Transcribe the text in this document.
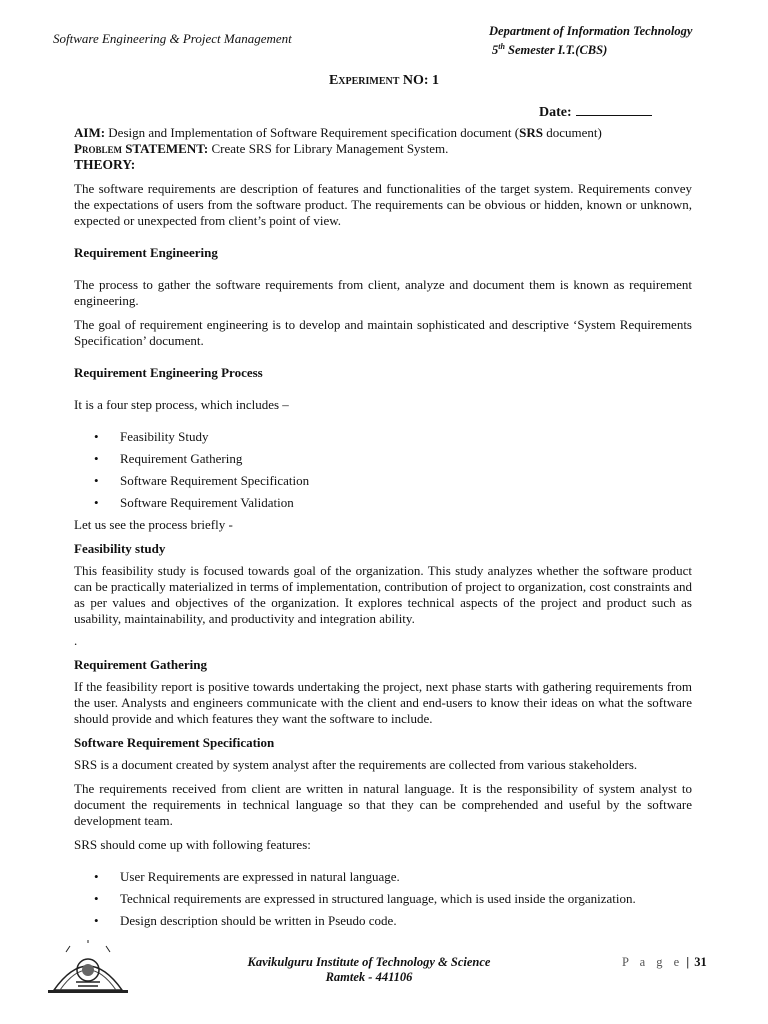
Software Engineering & Project Management	Department of Information Technology
5th Semester I.T.(CBS)
Experiment NO: 1
Date:

AIM: Design and Implementation of Software Requirement specification document (SRS document)

Problem STATEMENT: Create SRS for Library Management System.

THEORY:

The software requirements are description of features and functionalities of the target system. Requirements convey the expectations of users from the software product. The requirements can be obvious or hidden, known or unknown, expected or unexpected from client’s point of view.

Requirement Engineering

The process to gather the software requirements from client, analyze and document them is known as requirement engineering.

The goal of requirement engineering is to develop and maintain sophisticated and descriptive ‘System Requirements Specification’ document.

Requirement Engineering Process

It is a four step process, which includes –

• Feasibility Study
• Requirement Gathering
• Software Requirement Specification
• Software Requirement Validation

Let us see the process briefly -

Feasibility study

This feasibility study is focused towards goal of the organization. This study analyzes whether the software product can be practically materialized in terms of implementation, contribution of project to organization, cost constraints and as per values and objectives of the organization. It explores technical aspects of the project and product such as usability, maintainability, and productivity and integration ability.

.

Requirement Gathering

If the feasibility report is positive towards undertaking the project, next phase starts with gathering requirements from the user. Analysts and engineers communicate with the client and end-users to know their ideas on what the software should provide and which features they want the software to include.

Software Requirement Specification

SRS is a document created by system analyst after the requirements are collected from various stakeholders.

The requirements received from client are written in natural language. It is the responsibility of system analyst to document the requirements in technical language so that they can be comprehended and useful by the software development team.

SRS should come up with following features:

• User Requirements are expressed in natural language.
• Technical requirements are expressed in structured language, which is used inside the organization.
• Design description should be written in Pseudo code.
Kavikulguru Institute of Technology & Science
Ramtek - 441106
P a g e | 31
